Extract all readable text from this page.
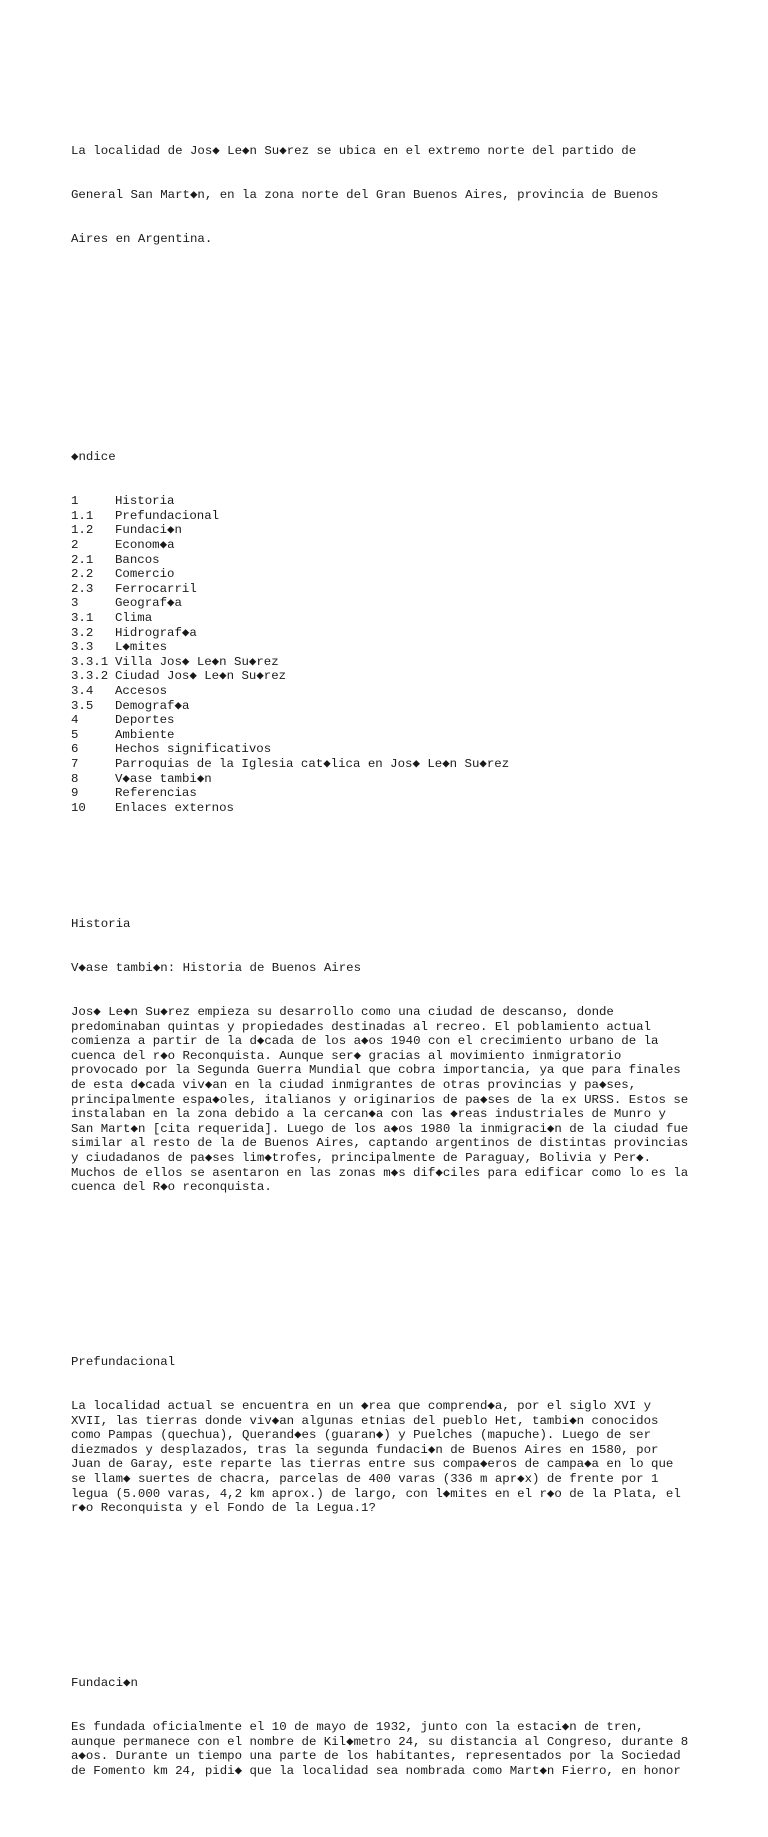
La localidad de Jos◆ Le◆n Su◆rez se ubica en el extremo norte del partido de

General San Mart◆n, en la zona norte del Gran Buenos Aires, provincia de Buenos

Aires en Argentina.

◆ndice

1	Historia
1.1	Prefundacional
1.2	Fundaci◆n
2	Econom◆a
2.1	Bancos
2.2	Comercio
2.3	Ferrocarril
3	Geograf◆a
3.1	Clima
3.2	Hidrograf◆a
3.3	L◆mites
3.3.1 Villa Jos◆ Le◆n Su◆rez
3.3.2 Ciudad Jos◆ Le◆n Su◆rez
3.4	Accesos
3.5	Demograf◆a
4	Deportes
5	Ambiente
6	Hechos significativos
7	Parroquias de la Iglesia cat◆lica en Jos◆ Le◆n Su◆rez
8	V◆ase tambi◆n
9	Referencias
10	Enlaces externos

Historia

V◆ase tambi◆n: Historia de Buenos Aires

Jos◆ Le◆n Su◆rez empieza su desarrollo como una ciudad de descanso, donde
predominaban quintas y propiedades destinadas al recreo. El poblamiento actual
comienza a partir de la d◆cada de los a◆os 1940 con el crecimiento urbano de la
cuenca del r◆o Reconquista. Aunque ser◆ gracias al movimiento inmigratorio
provocado por la Segunda Guerra Mundial que cobra importancia, ya que para finales
de esta d◆cada viv◆an en la ciudad inmigrantes de otras provincias y pa◆ses,
principalmente espa◆oles, italianos y originarios de pa◆ses de la ex URSS. Estos se
instalaban en la zona debido a la cercan◆a con las ◆reas industriales de Munro y
San Mart◆n [cita requerida]. Luego de los a◆os 1980 la inmigraci◆n de la ciudad fue
similar al resto de la de Buenos Aires, captando argentinos de distintas provincias
y ciudadanos de pa◆ses lim◆trofes, principalmente de Paraguay, Bolivia y Per◆.
Muchos de ellos se asentaron en las zonas m◆s dif◆ciles para edificar como lo es la
cuenca del R◆o reconquista.

Prefundacional

La localidad actual se encuentra en un ◆rea que comprend◆a, por el siglo XVI y
XVII, las tierras donde viv◆an algunas etnias del pueblo Het, tambi◆n conocidos
como Pampas (quechua), Querand◆es (guaran◆) y Puelches (mapuche). Luego de ser
diezmados y desplazados, tras la segunda fundaci◆n de Buenos Aires en 1580, por
Juan de Garay, este reparte las tierras entre sus compa◆eros de campa◆a en lo que
se llam◆ suertes de chacra, parcelas de 400 varas (336 m apr◆x) de frente por 1
legua (5.000 varas, 4,2 km aprox.) de largo, con l◆mites en el r◆o de la Plata, el
r◆o Reconquista y el Fondo de la Legua.1?

Fundaci◆n

Es fundada oficialmente el 10 de mayo de 1932, junto con la estaci◆n de tren,
aunque permanece con el nombre de Kil◆metro 24, su distancia al Congreso, durante 8
a◆os. Durante un tiempo una parte de los habitantes, representados por la Sociedad
de Fomento km 24, pidi◆ que la localidad sea nombrada como Mart◆n Fierro, en honor
